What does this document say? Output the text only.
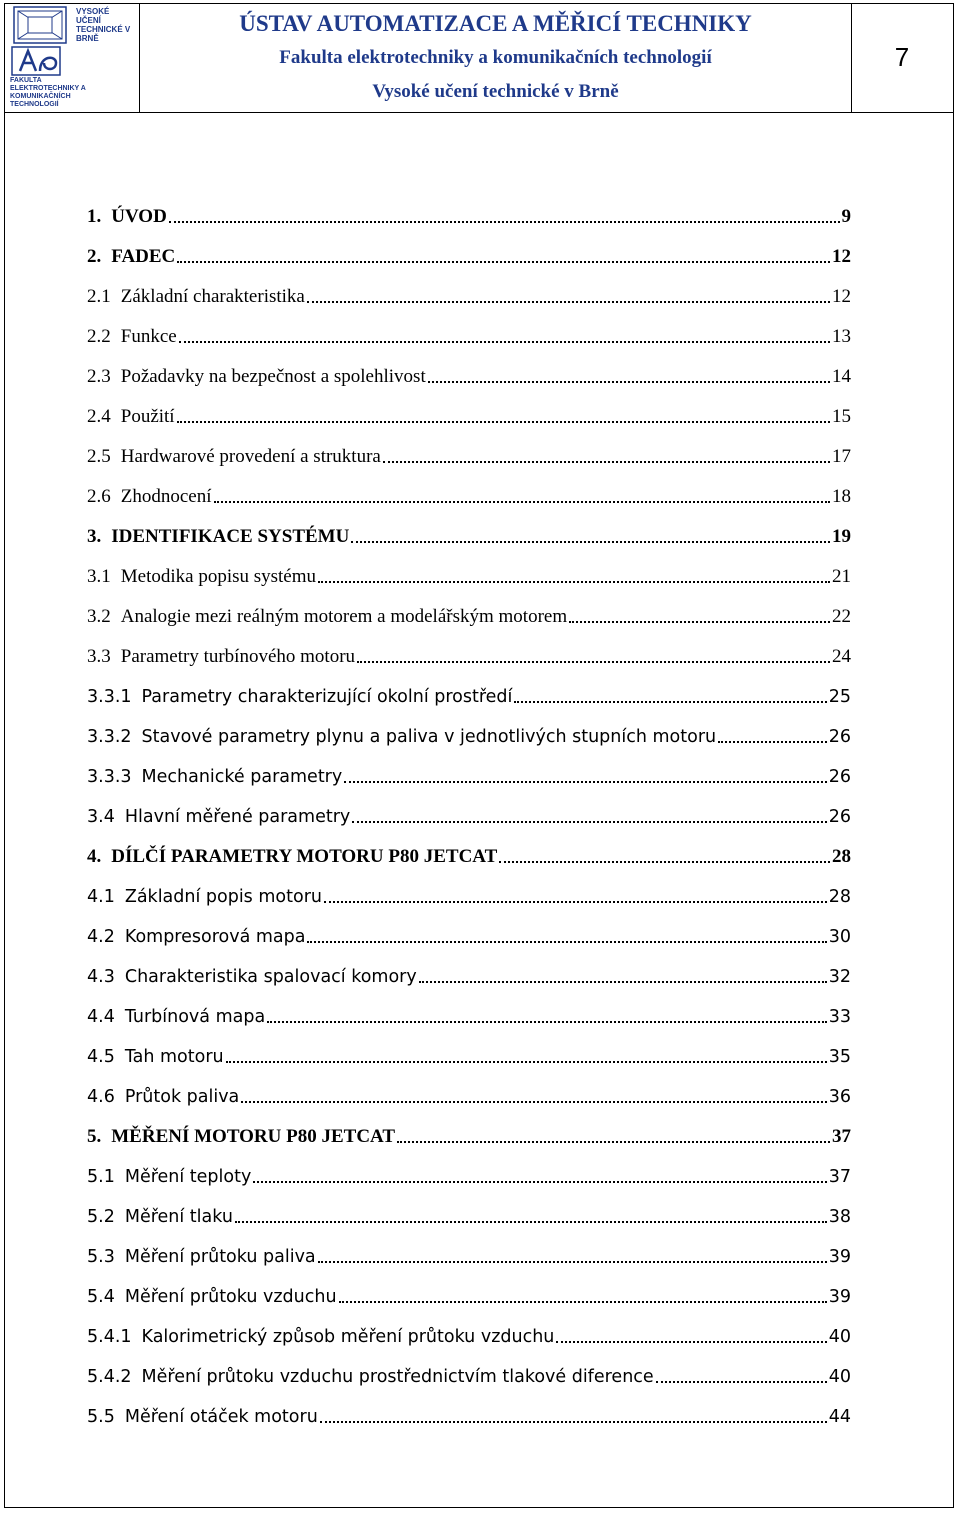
VYSOKÉ UČENÍ TECHNICKÉ V BRNĚ
FAKULTA ELEKTROTECHNIKY A KOMUNIKAČNÍCH TECHNOLOGIÍ
ÚSTAV AUTOMATIZACE A MĚŘICÍ TECHNIKY
Fakulta elektrotechniky a komunikačních technologií
Vysoké učení technické v Brně
7
1. ÚVOD	9
2. FADEC	12
2.1 Základní charakteristika	12
2.2 Funkce	13
2.3 Požadavky na bezpečnost a spolehlivost	14
2.4 Použití	15
2.5 Hardwarové provedení a struktura	17
2.6 Zhodnocení	18
3. IDENTIFIKACE SYSTÉMU	19
3.1 Metodika popisu systému	21
3.2 Analogie mezi reálným motorem a modelářským motorem	22
3.3 Parametry turbínového motoru	24
3.3.1 Parametry charakterizující okolní prostředí	25
3.3.2 Stavové parametry plynu a paliva v jednotlivých stupních motoru	26
3.3.3 Mechanické parametry	26
3.4 Hlavní měřené parametry	26
4. DÍLČÍ PARAMETRY MOTORU P80 JETCAT	28
4.1 Základní popis motoru	28
4.2 Kompresorová mapa	30
4.3 Charakteristika spalovací komory	32
4.4 Turbínová mapa	33
4.5 Tah motoru	35
4.6 Průtok paliva	36
5. MĚŘENÍ MOTORU P80 JETCAT	37
5.1 Měření teploty	37
5.2 Měření tlaku	38
5.3 Měření průtoku paliva	39
5.4 Měření průtoku vzduchu	39
5.4.1 Kalorimetrický způsob měření průtoku vzduchu	40
5.4.2 Měření průtoku vzduchu prostřednictvím tlakové diference	40
5.5 Měření otáček motoru	44
